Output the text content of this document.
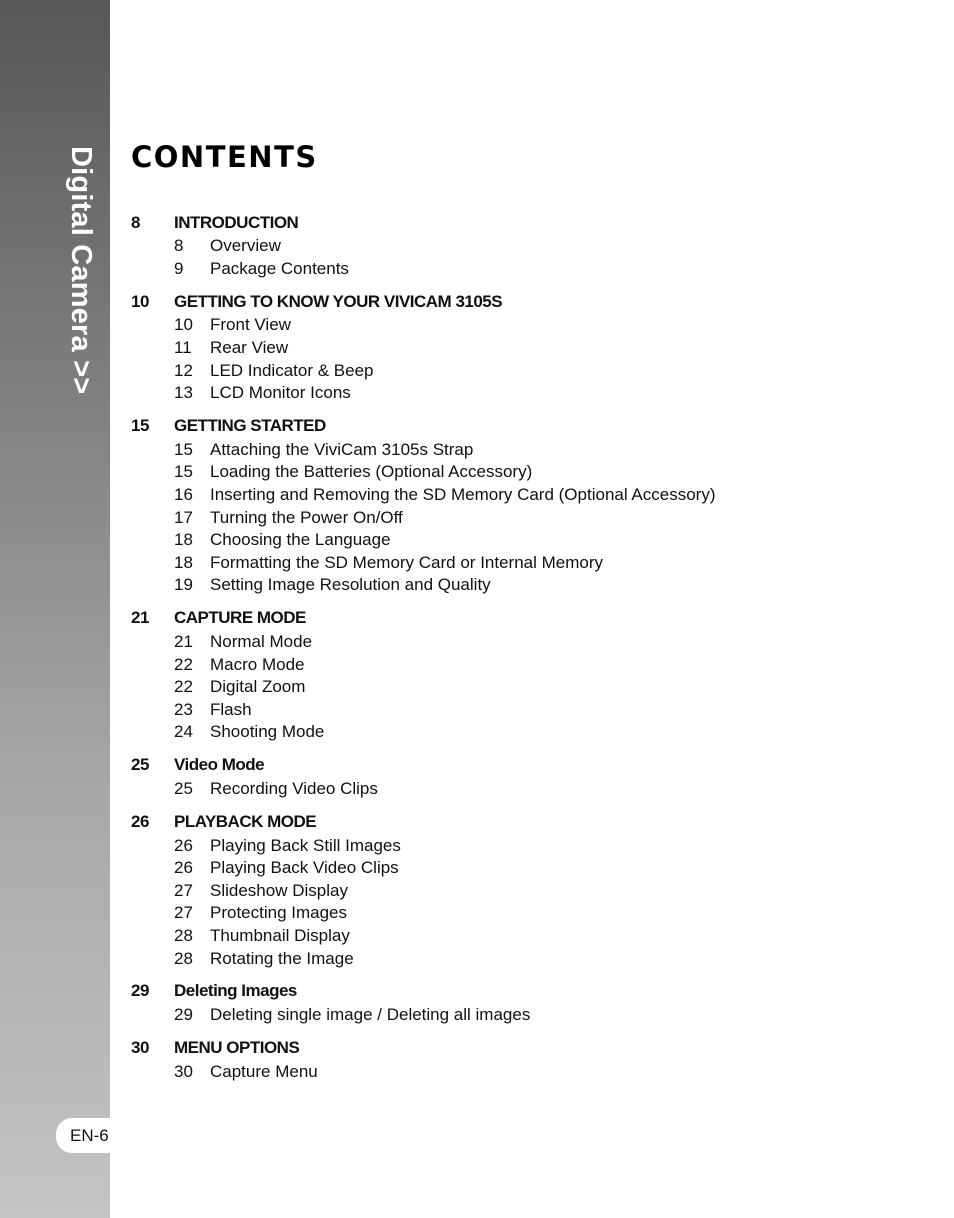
Digital Camera >>
EN-6
CONTENTS
8	INTRODUCTION
8	Overview
9	Package Contents
10	GETTING TO KNOW YOUR VIVICAM 3105S
10	Front View
11	Rear View
12	LED Indicator & Beep
13	LCD Monitor Icons
15	GETTING STARTED
15	Attaching the ViviCam 3105s Strap
15	Loading the Batteries (Optional Accessory)
16	Inserting and Removing the SD Memory Card (Optional Accessory)
17	Turning the Power On/Off
18	Choosing the Language
18	Formatting the SD Memory Card or Internal Memory
19	Setting Image Resolution and Quality
21	CAPTURE MODE
21	Normal Mode
22	Macro Mode
22	Digital Zoom
23	Flash
24	Shooting Mode
25	Video Mode
25	Recording Video Clips
26	PLAYBACK MODE
26	Playing Back Still Images
26	Playing Back Video Clips
27	Slideshow Display
27	Protecting Images
28	Thumbnail Display
28	Rotating the Image
29	Deleting Images
29	Deleting single image / Deleting all images
30	MENU OPTIONS
30	Capture Menu
